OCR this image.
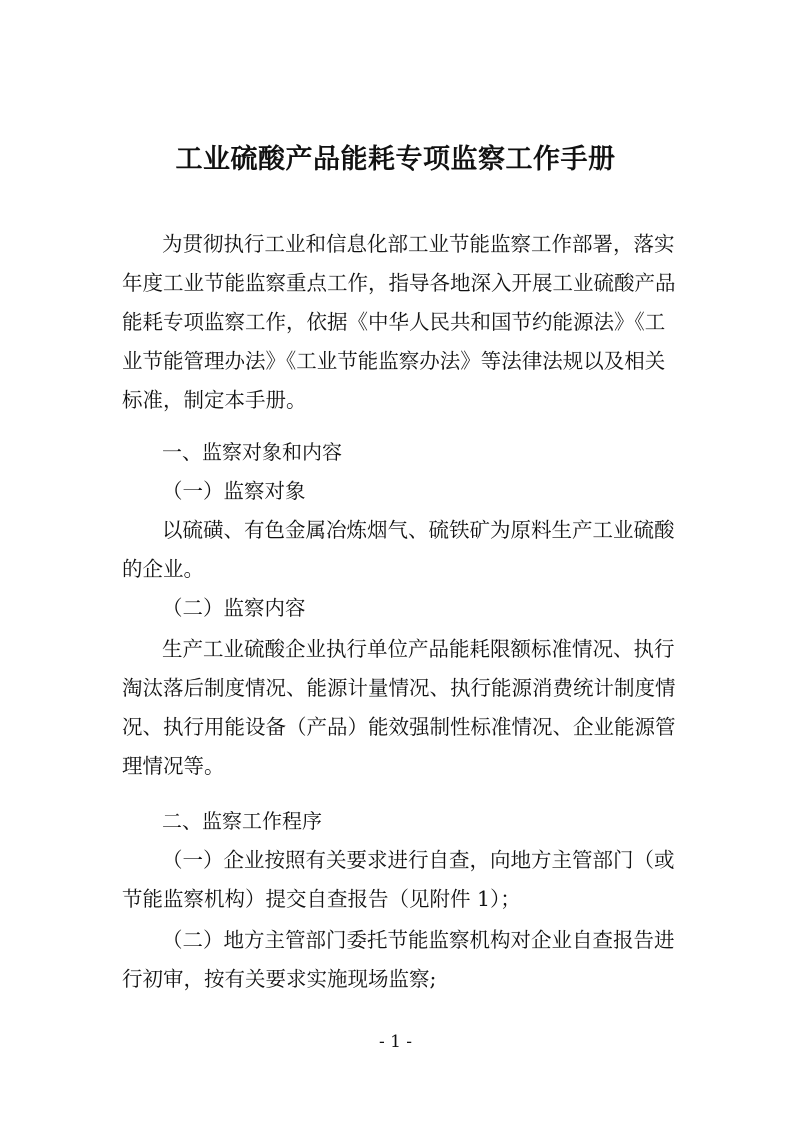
工业硫酸产品能耗专项监察工作手册
为贯彻执行工业和信息化部工业节能监察工作部署，落实
年度工业节能监察重点工作，指导各地深入开展工业硫酸产品
能耗专项监察工作，依据《中华人民共和国节约能源法》《工
业节能管理办法》《工业节能监察办法》等法律法规以及相关
标准，制定本手册。
一、监察对象和内容
（一）监察对象
以硫磺、有色金属冶炼烟气、硫铁矿为原料生产工业硫酸
的企业。
（二）监察内容
生产工业硫酸企业执行单位产品能耗限额标准情况、执行
淘汰落后制度情况、能源计量情况、执行能源消费统计制度情
况、执行用能设备（产品）能效强制性标准情况、企业能源管
理情况等。
二、监察工作程序
（一）企业按照有关要求进行自查，向地方主管部门（或
节能监察机构）提交自查报告（见附件 1）；
（二）地方主管部门委托节能监察机构对企业自查报告进
行初审，按有关要求实施现场监察;
- 1 -
